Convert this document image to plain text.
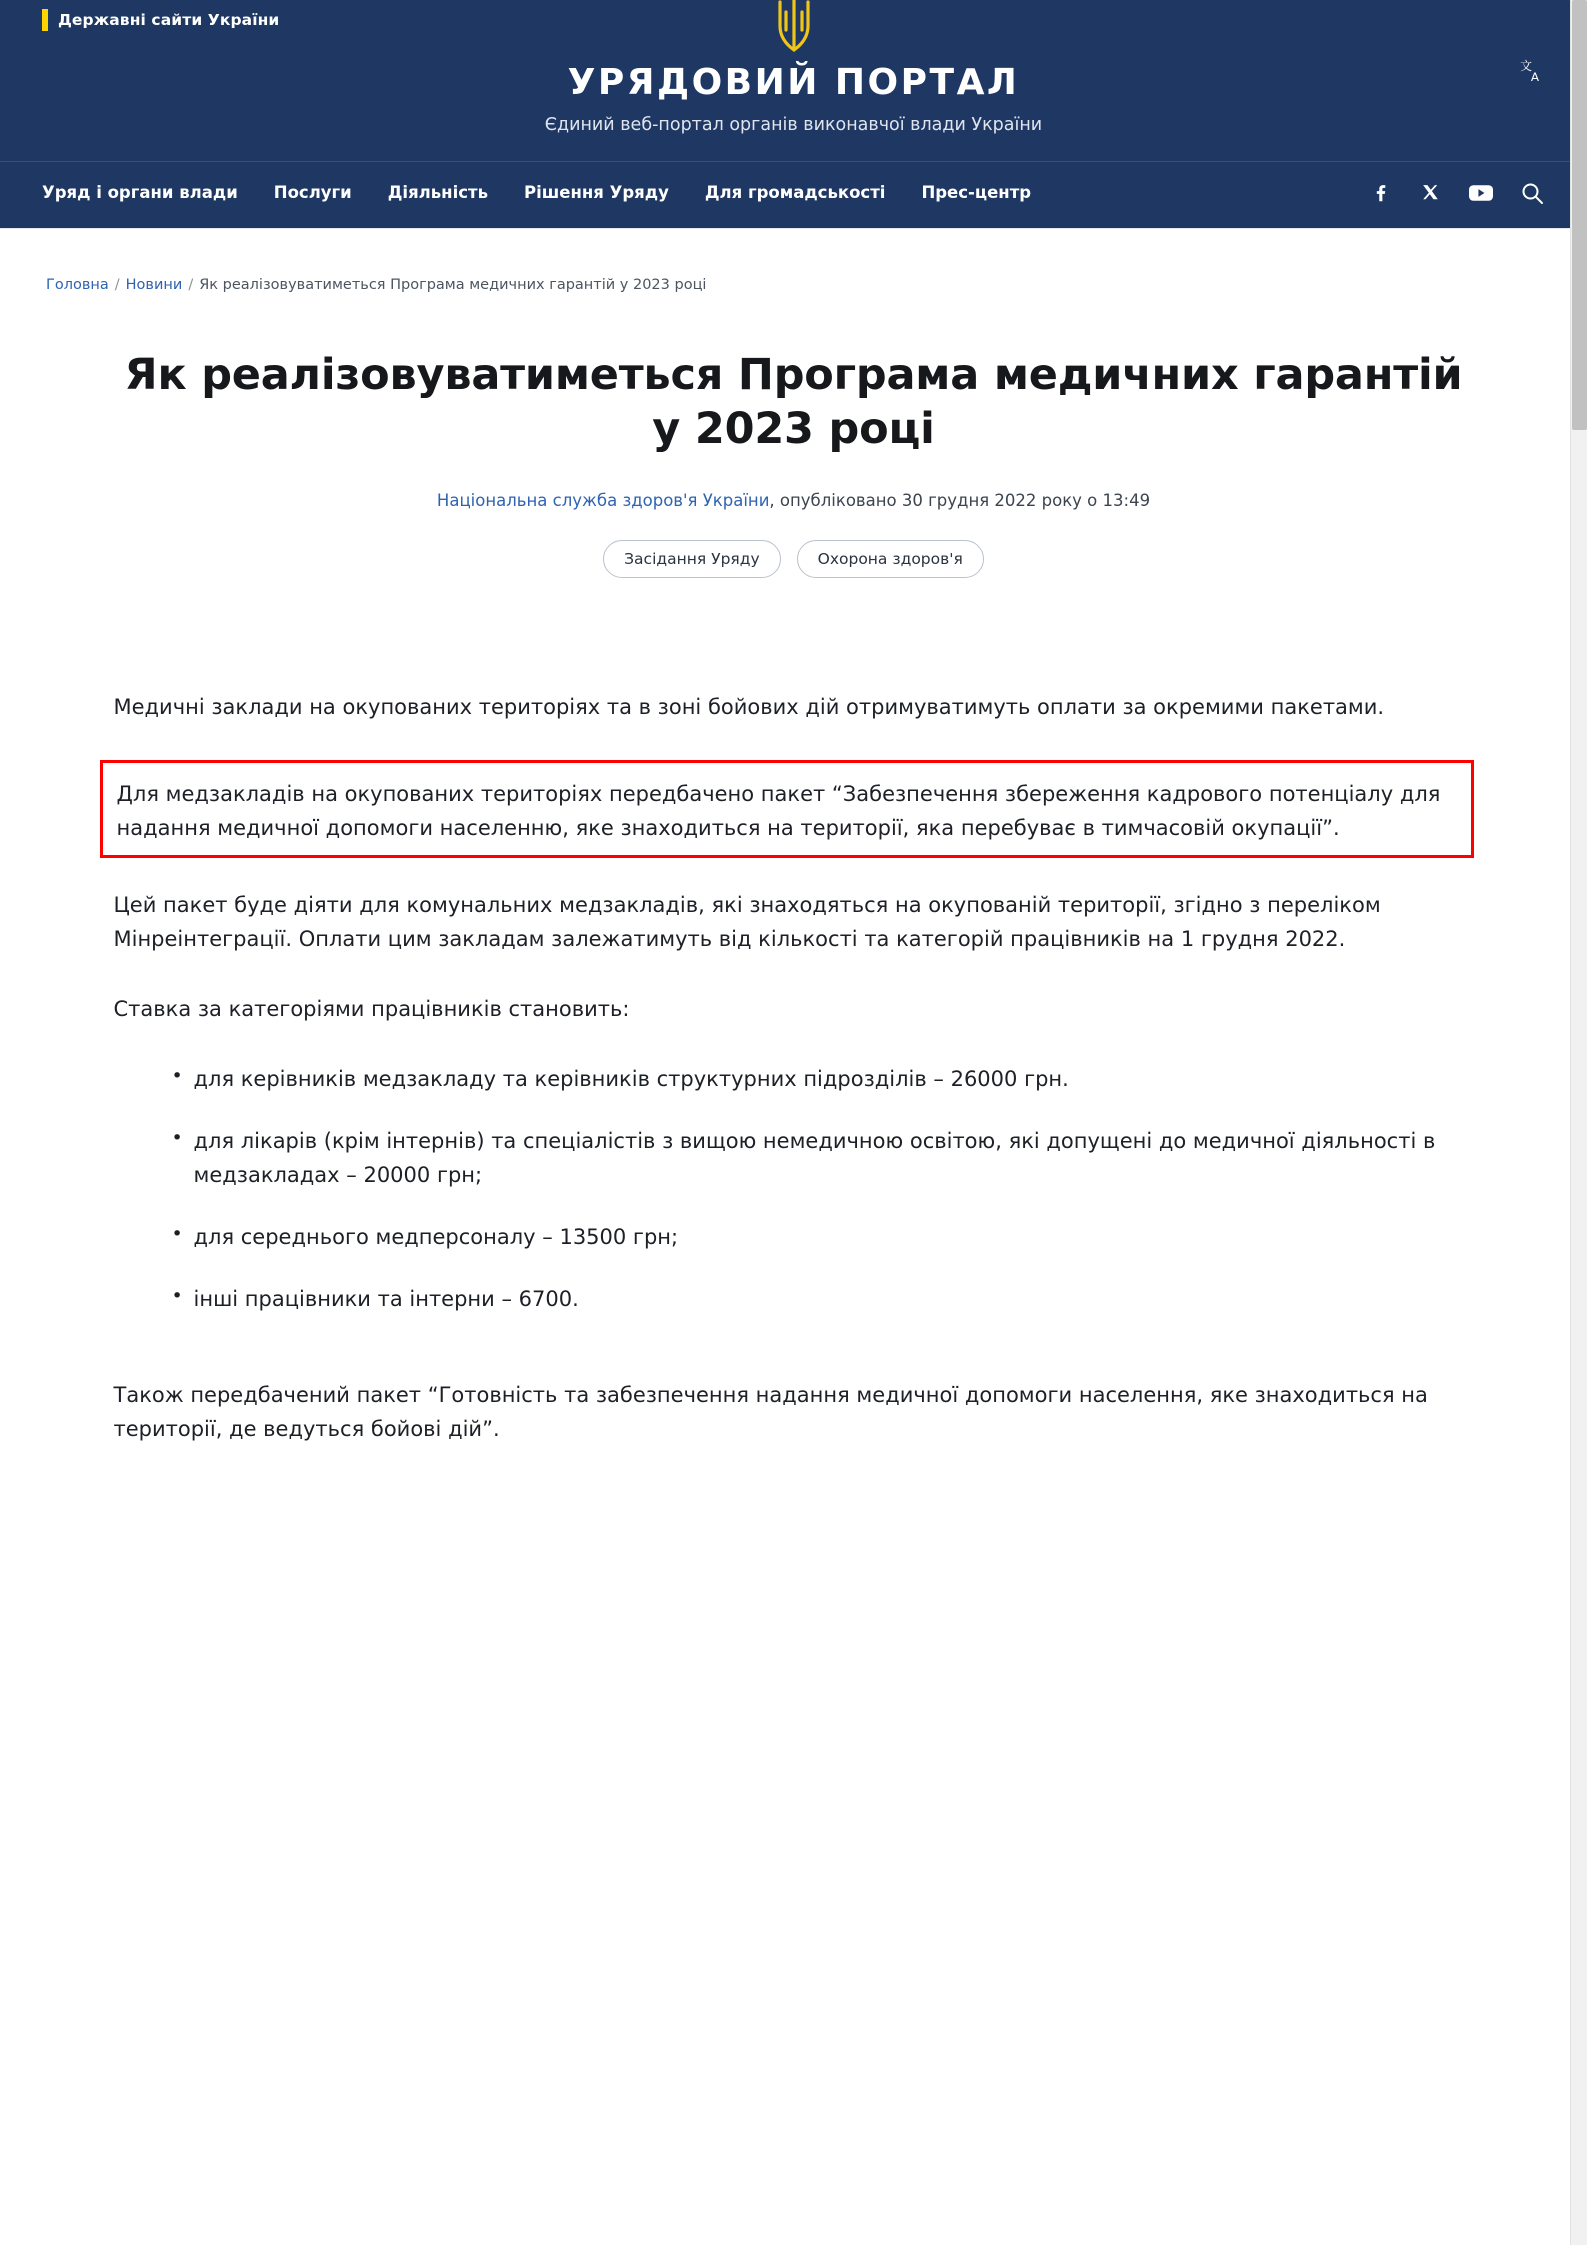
Державні сайти України
文
A
УРЯДОВИЙ ПОРТАЛ

Єдиний веб-портал органів виконавчої влади України

Уряд і органи влади Послуги Діяльність Рішення Уряду Для громадськості Прес-центр
Головна / Новини / Як реалізовуватиметься Програма медичних гарантій у 2023 році
Як реалізовуватиметься Програма медичних гарантій у 2023 році
Національна служба здоров'я України, опубліковано 30 грудня 2022 року о 13:49
Засідання Уряду	Охорона здоров'я

Медичні заклади на окупованих територіях та в зоні бойових дій отримуватимуть оплати за окремими пакетами.

Для медзакладів на окупованих територіях передбачено пакет “Забезпечення збереження кадрового потенціалу для надання медичної допомоги населенню, яке знаходиться на території, яка перебуває в тимчасовій окупації”.

Цей пакет буде діяти для комунальних медзакладів, які знаходяться на окупованій території, згідно з переліком Мінреінтеграції. Оплати цим закладам залежатимуть від кількості та категорій працівників на 1 грудня 2022.

Ставка за категоріями працівників становить:

• для керівників медзакладу та керівників структурних підрозділів – 26000 грн.
• для лікарів (крім інтернів) та спеціалістів з вищою немедичною освітою, які допущені до медичної діяльності в медзакладах – 20000 грн;
• для середнього медперсоналу – 13500 грн;
• інші працівники та інтерни – 6700.

Також передбачений пакет “Готовність та забезпечення надання медичної допомоги населення, яке знаходиться на території, де ведуться бойові дій”.
